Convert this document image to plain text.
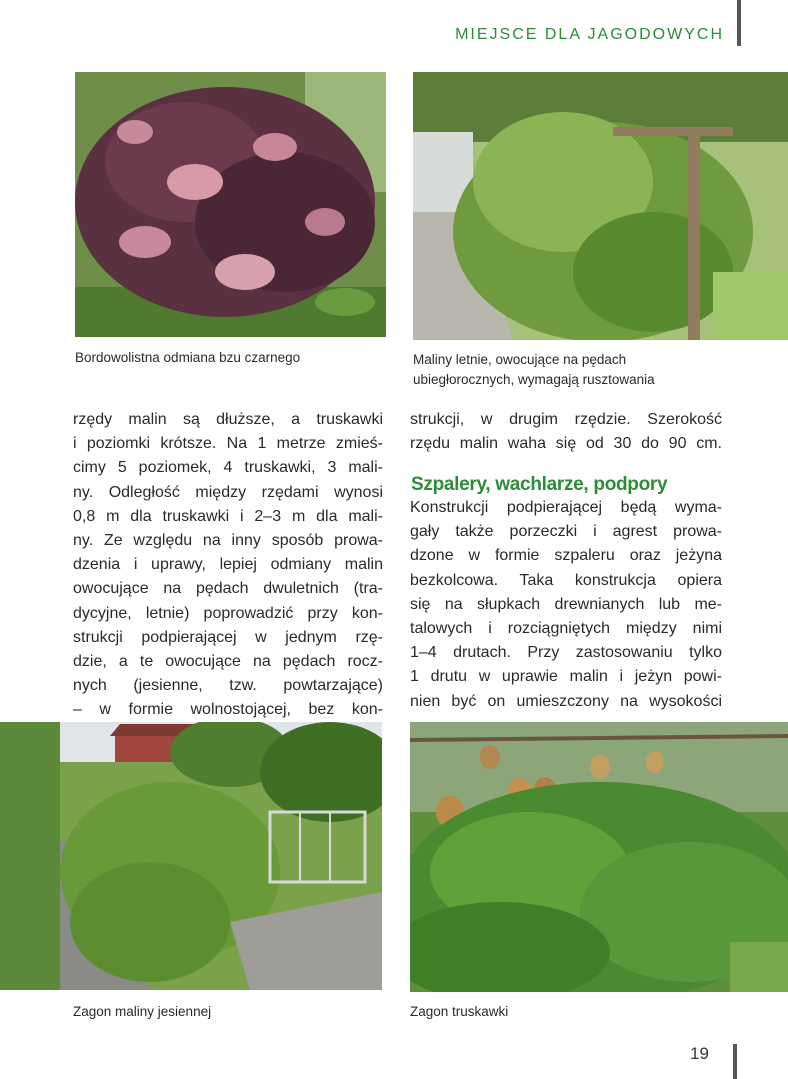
MIEJSCE DLA JAGODOWYCH
Bordowolistna odmiana bzu czarnego	Maliny letnie, owocujące na pędach
ubiegłorocznych, wymagają rusztowania
rzędy malin są dłuższe, a truskawki
i poziomki krótsze. Na 1 metrze zmieś-
cimy 5 poziomek, 4 truskawki, 3 mali-
ny. Odległość między rzędami wynosi
0,8 m dla truskawki i 2–3 m dla mali-
ny. Ze względu na inny sposób prowa-
dzenia i uprawy, lepiej odmiany malin
owocujące na pędach dwuletnich (tra-
dycyjne, letnie) poprowadzić przy kon-
strukcji podpierającej w jednym rzę-
dzie, a te owocujące na pędach rocz-
nych (jesienne, tzw. powtarzające)
– w formie wolnostojącej, bez kon-
strukcji, w drugim rzędzie. Szerokość
rzędu malin waha się od 30 do 90 cm.
Szpalery, wachlarze, podpory
Konstrukcji podpierającej będą wyma-
gały także porzeczki i agrest prowa-
dzone w formie szpaleru oraz jeżyna
bezkolcowa. Taka konstrukcja opiera
się na słupkach drewnianych lub me-
talowych i rozciągniętych między nimi
1–4 drutach. Przy zastosowaniu tylko
1 drutu w uprawie malin i jeżyn powi-
nien być on umieszczony na wysokości
Zagon maliny jesiennej	Zagon truskawki
19
